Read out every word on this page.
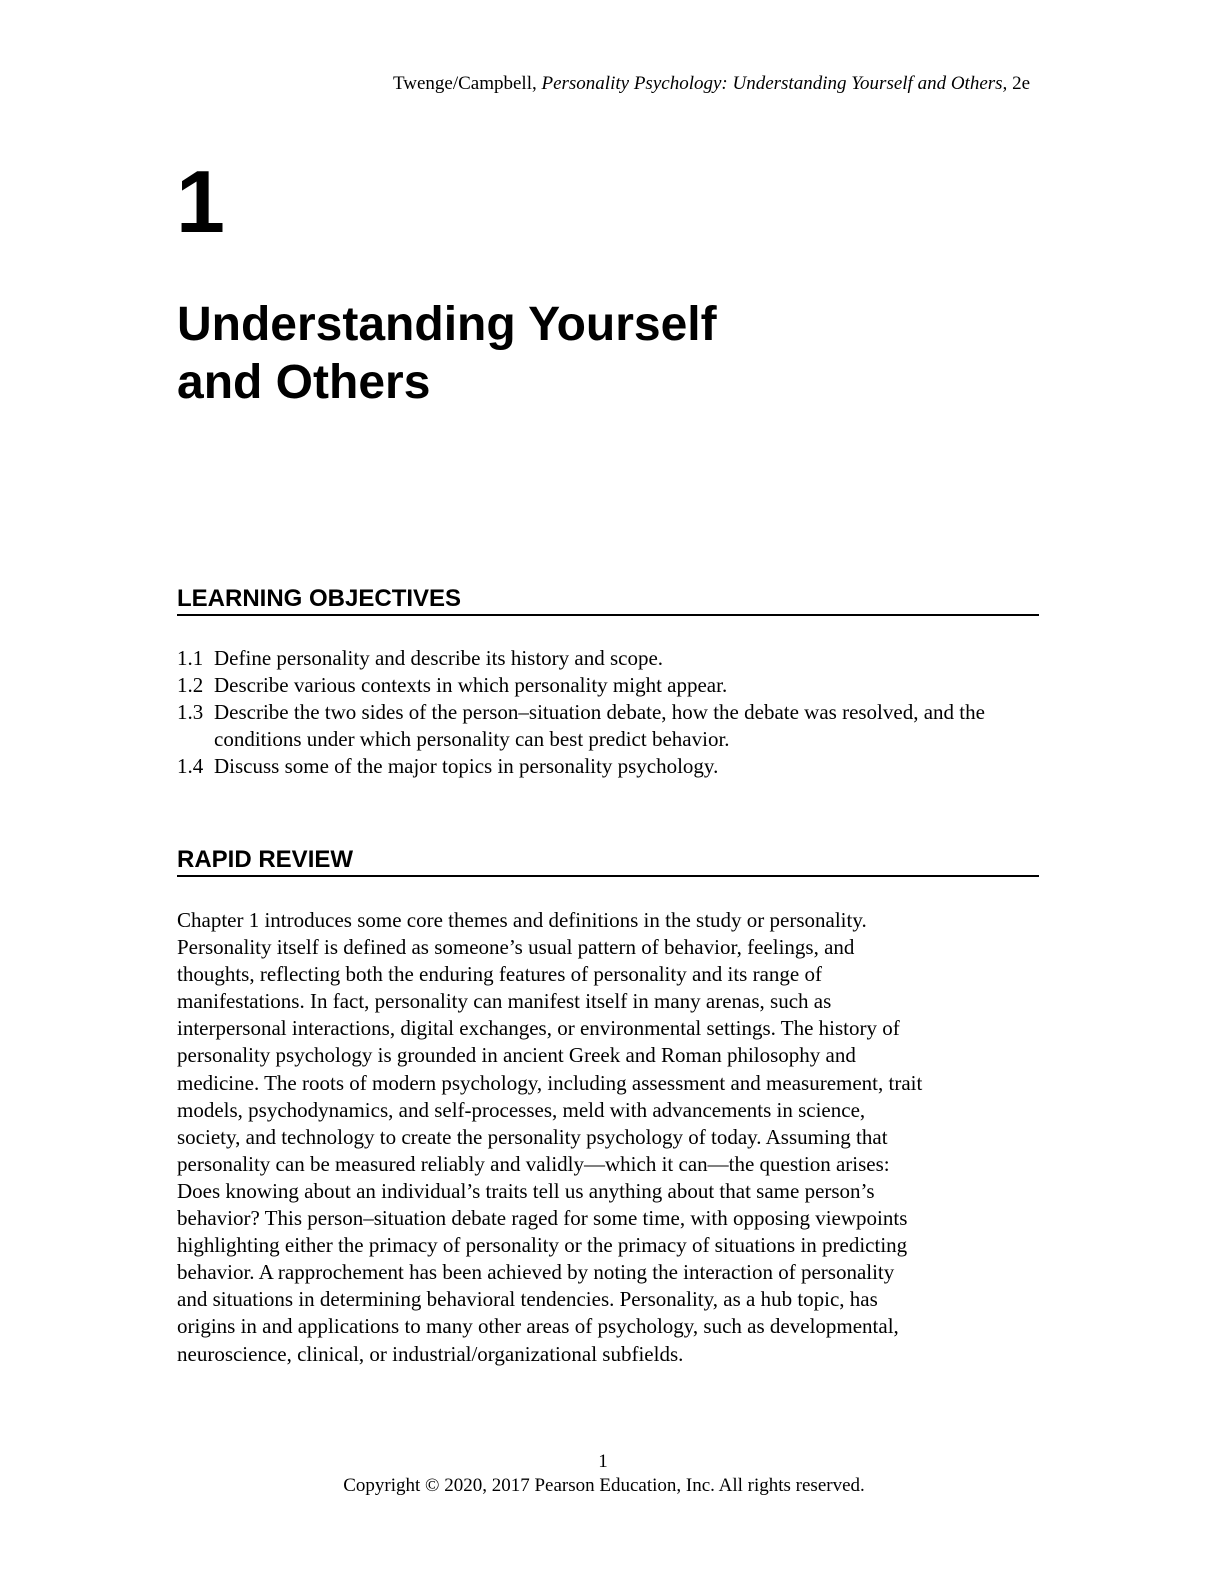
Twenge/Campbell, Personality Psychology: Understanding Yourself and Others, 2e
1
Understanding Yourself
and Others
LEARNING OBJECTIVES
1.1 Define personality and describe its history and scope.
1.2 Describe various contexts in which personality might appear.
1.3 Describe the two sides of the person–situation debate, how the debate was resolved, and the conditions under which personality can best predict behavior.
1.4 Discuss some of the major topics in personality psychology.
RAPID REVIEW
Chapter 1 introduces some core themes and definitions in the study or personality.
Personality itself is defined as someone’s usual pattern of behavior, feelings, and
thoughts, reflecting both the enduring features of personality and its range of
manifestations. In fact, personality can manifest itself in many arenas, such as
interpersonal interactions, digital exchanges, or environmental settings. The history of
personality psychology is grounded in ancient Greek and Roman philosophy and
medicine. The roots of modern psychology, including assessment and measurement, trait
models, psychodynamics, and self-processes, meld with advancements in science,
society, and technology to create the personality psychology of today. Assuming that
personality can be measured reliably and validly—which it can—the question arises:
Does knowing about an individual’s traits tell us anything about that same person’s
behavior? This person–situation debate raged for some time, with opposing viewpoints
highlighting either the primacy of personality or the primacy of situations in predicting
behavior. A rapprochement has been achieved by noting the interaction of personality
and situations in determining behavioral tendencies. Personality, as a hub topic, has
origins in and applications to many other areas of psychology, such as developmental,
neuroscience, clinical, or industrial/organizational subfields.
1
Copyright © 2020, 2017 Pearson Education, Inc. All rights reserved.
